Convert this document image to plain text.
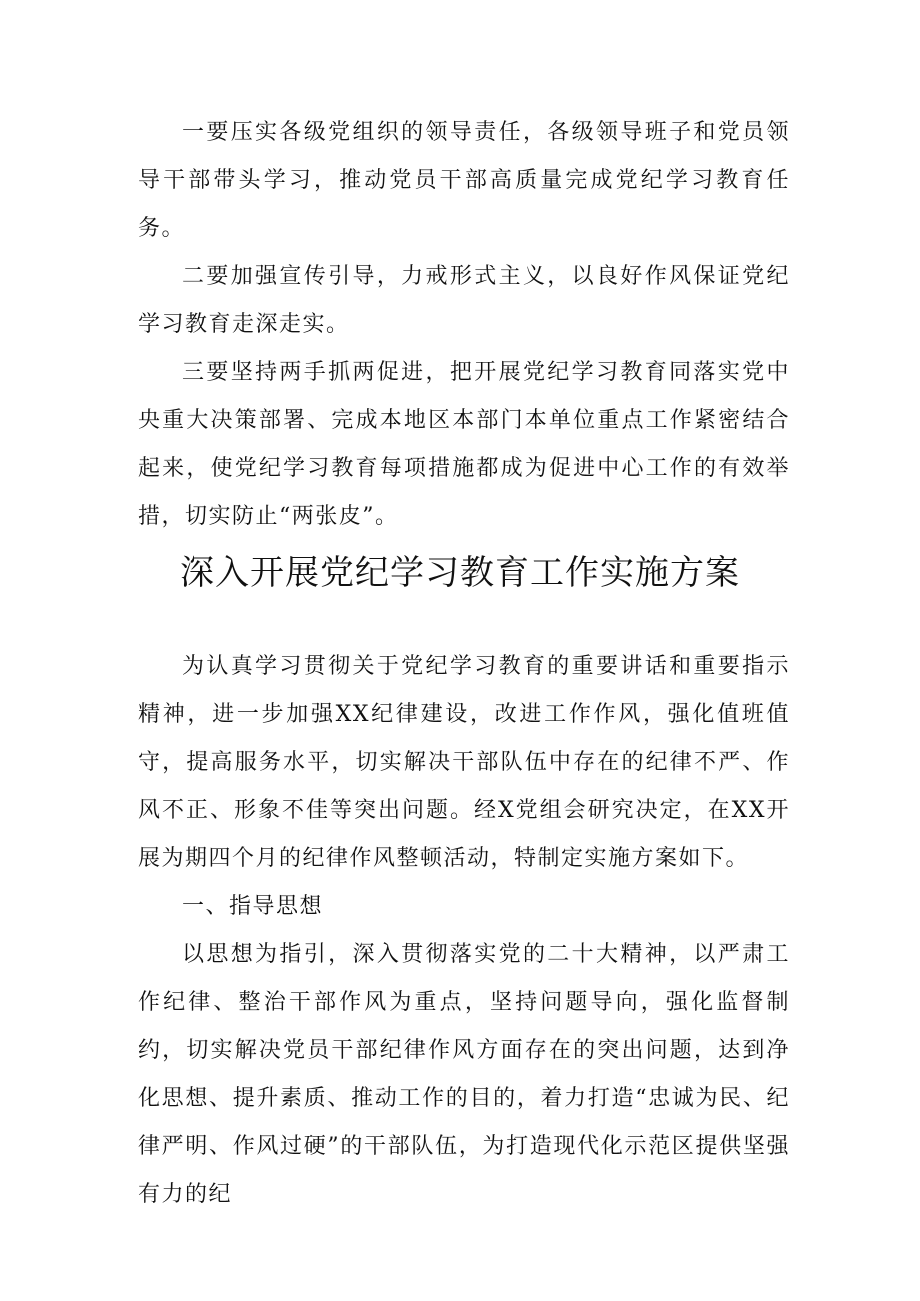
一要压实各级党组织的领导责任，各级领导班子和党员领导干部带头学习，推动党员干部高质量完成党纪学习教育任务。

二要加强宣传引导，力戒形式主义，以良好作风保证党纪学习教育走深走实。

三要坚持两手抓两促进，把开展党纪学习教育同落实党中央重大决策部署、完成本地区本部门本单位重点工作紧密结合起来，使党纪学习教育每项措施都成为促进中心工作的有效举措，切实防止“两张皮”。

深入开展党纪学习教育工作实施方案

为认真学习贯彻关于党纪学习教育的重要讲话和重要指示精神，进一步加强XX纪律建设，改进工作作风，强化值班值守，提高服务水平，切实解决干部队伍中存在的纪律不严、作风不正、形象不佳等突出问题。经X党组会研究决定，在XX开展为期四个月的纪律作风整顿活动，特制定实施方案如下。

一、指导思想

以思想为指引，深入贯彻落实党的二十大精神，以严肃工作纪律、整治干部作风为重点，坚持问题导向，强化监督制约，切实解决党员干部纪律作风方面存在的突出问题，达到净化思想、提升素质、推动工作的目的，着力打造“忠诚为民、纪律严明、作风过硬”的干部队伍，为打造现代化示范区提供坚强有力的纪
